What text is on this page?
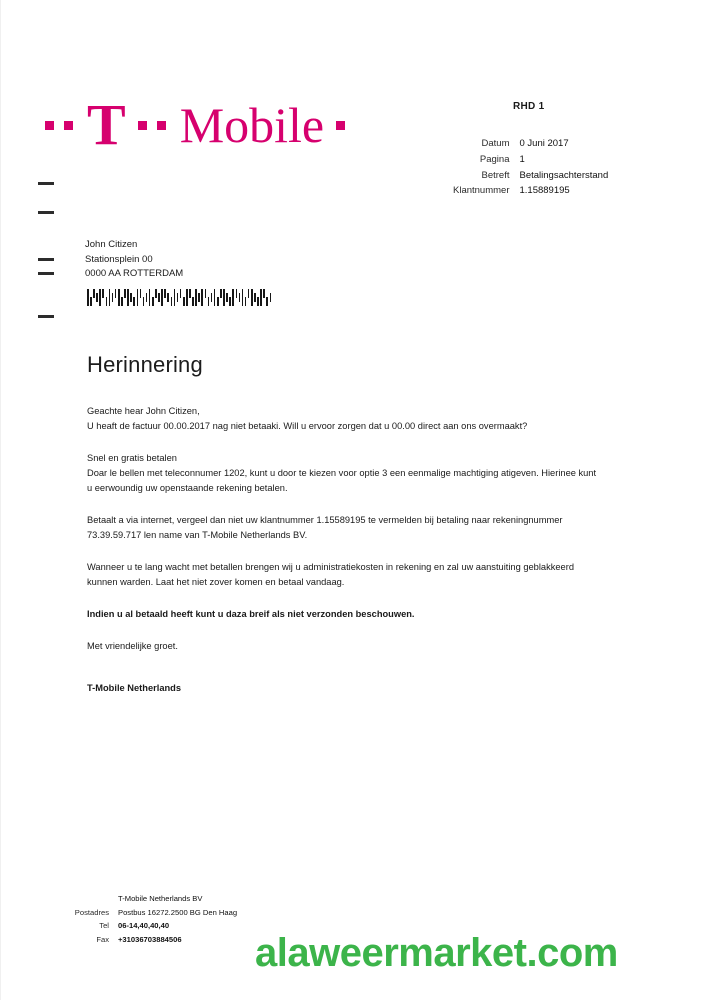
T Mobile	RHD 1
Datum	0 Juni 2017
Pagina	1
Betreft	Betalingsachterstand
Klantnummer	1.15889195
John Citizen
Stationsplein 00
0000 AA ROTTERDAM
Herinnering

Geachte hear John Citizen,
U heaft de factuur 00.00.2017 nag niet betaaki. Will u ervoor zorgen dat u 00.00 direct aan ons overmaakt?

Snel en gratis betalen
Doar le bellen met teleconnumer 1202, kunt u door te kiezen voor optie 3 een eenmalige machtiging atigeven. Hierinee kunt
u eerwoundig uw openstaande rekening betalen.

Betaalt a via internet, vergeel dan niet uw klantnummer 1.15589195 te vermelden bij betaling naar rekeningnummer
73.39.59.717 len name van T-Mobile Netherlands BV.

Wanneer u te lang wacht met betallen brengen wij u administratiekosten in rekening en zal uw aanstuiting geblakkeerd
kunnen warden. Laat het niet zover komen en betaal vandaag.

Indien u al betaald heeft kunt u daza breif als niet verzonden beschouwen.

Met vriendelijke groet.

T-Mobile Netherlands
	T-Mobile Netherlands BV
Postadres	Postbus 16272.2500 BG Den Haag
Tel	06-14,40,40,40
Fax	+31036703884506 alaweermarket.com
